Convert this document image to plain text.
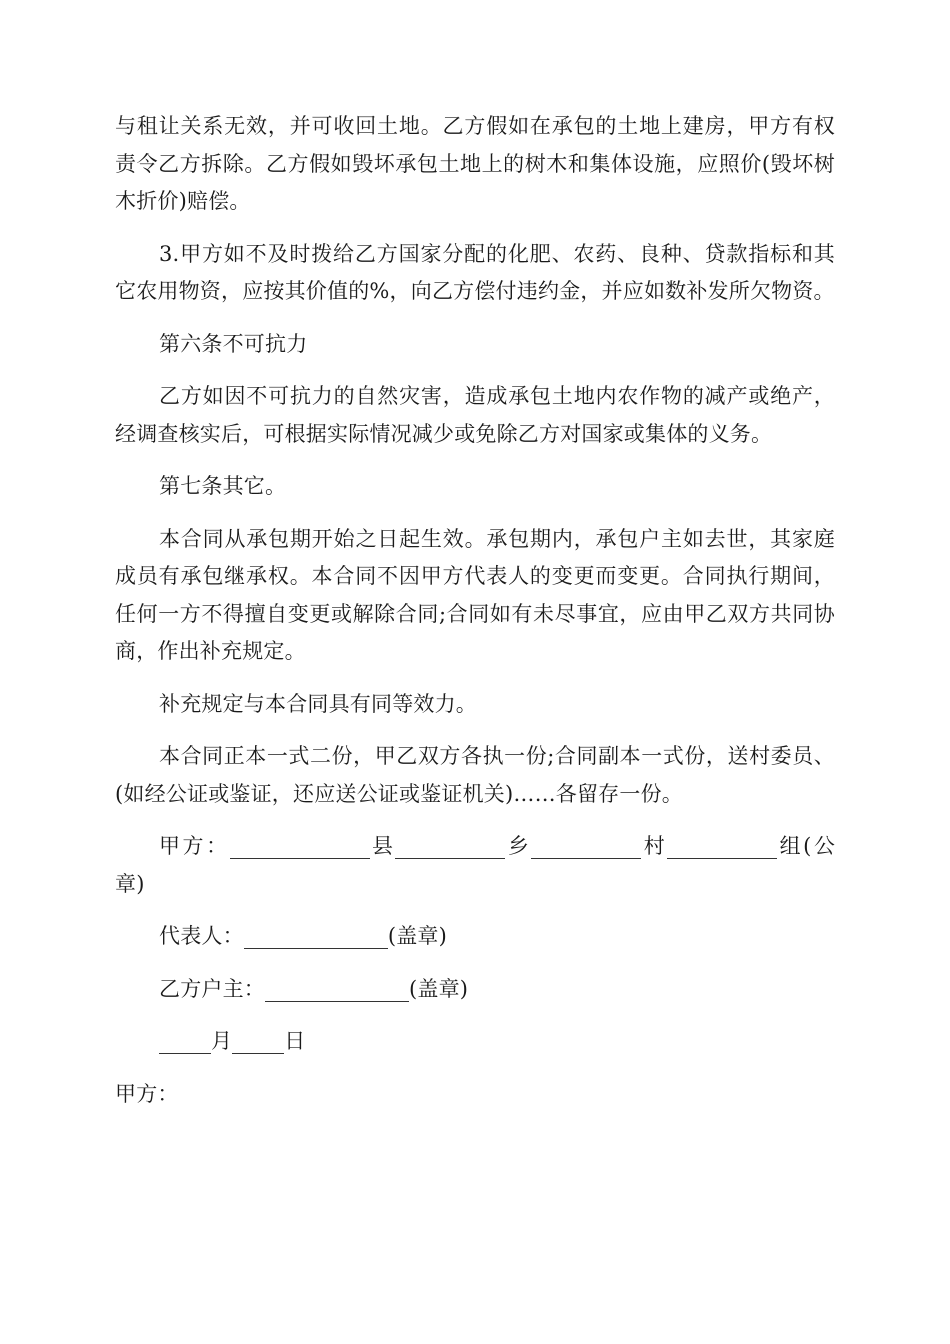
与租让关系无效，并可收回土地。乙方假如在承包的土地上建房，甲方有权责令乙方拆除。乙方假如毁坏承包土地上的树木和集体设施，应照价(毁坏树木折价)赔偿。

3.甲方如不及时拨给乙方国家分配的化肥、农药、良种、贷款指标和其它农用物资，应按其价值的%，向乙方偿付违约金，并应如数补发所欠物资。

第六条不可抗力

乙方如因不可抗力的自然灾害，造成承包土地内农作物的减产或绝产，经调查核实后，可根据实际情况减少或免除乙方对国家或集体的义务。

第七条其它。

本合同从承包期开始之日起生效。承包期内，承包户主如去世，其家庭成员有承包继承权。本合同不因甲方代表人的变更而变更。合同执行期间，任何一方不得擅自变更或解除合同;合同如有未尽事宜，应由甲乙双方共同协商，作出补充规定。

补充规定与本合同具有同等效力。

本合同正本一式二份，甲乙双方各执一份;合同副本一式份，送村委员、(如经公证或鉴证，还应送公证或鉴证机关)……各留存一份。

甲方：	县	乡	村	组(公章)

代表人：	(盖章)

乙方户主：	(盖章)

月 日

甲方：
